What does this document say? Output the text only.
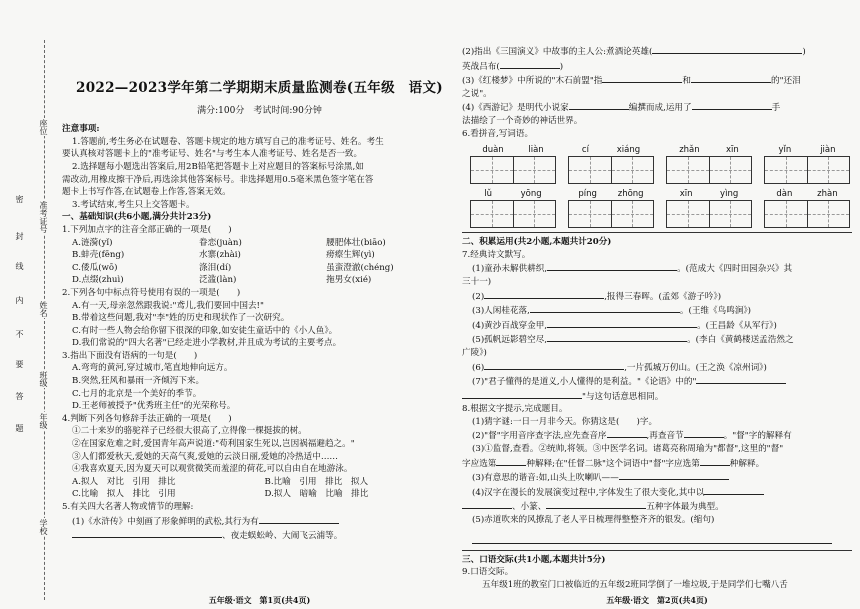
座位
准考证号
姓名
班级
年级
学校
密
封
线
内
不
要
答
题
2022—2023学年第二学期期末质量监测卷(五年级　语文)
满分:100分　考试时间:90分钟
注意事项:
1.答题前,考生务必在试题卷、答题卡规定的地方填写自己的准考证号、姓名。考生
要认真核对答题卡上的"准考证号、姓名"与考生本人准考证号、姓名是否一致。
2.选择题每小题选出答案后,用2B铅笔把答题卡上对应题目的答案标号涂黑,如
需改动,用橡皮擦干净后,再选涂其他答案标号。非选择题用0.5毫米黑色签字笔在答
题卡上书写作答,在试题卷上作答,答案无效。
3.考试结束,考生只上交答题卡。
一、基础知识(共6小题,满分共计23分)
1.下列加点字的注音全部正确的一项是(　　)
A.涟漪(yǐ)	眷恋(juàn)	腰肥体壮(biāo)
B.蚌壳(fēng)	水寨(zhài)	痨瘵生辉(yì)
C.倭瓜(wō)	涤泪(dí)	虽蛮澄澈(chéng)
D.点缀(zhuì)	泛滥(làn)	拖男女(xié)
2.下列各句中标点符号使用有误的一项是(　　)
A.有一天,母亲忽然跟我说:"鸢儿,我们要回中国去!"
B.带着这些问题,我对"李"姓的历史和现状作了一次研究。
C.有时一些人物会给你留下很深的印象,如安徒生童话中的《小人鱼》。
D.我们常说的"四大名著"已经走进小学教材,并且成为考试的主要考点。
3.指出下面没有语病的一句是(　　)
A.弯弯的黄河,穿过城市,笔直地伸向远方。
B.突然,狂风和暴雨一齐倾泻下来。
C.七月的北京是一个美好的季节。
D.王老师被授予"优秀班主任"的光荣称号。
4.判断下列各句修辞手法正确的一项是(　　)
①二十来岁的骆驼祥子已经很大很高了,立得像一棵挺拔的树。
②在国家危难之时,爱国青年高声说道:"苟利国家生死以,岂因祸福避趋之。"
③人们都爱秋天,爱她的天高气爽,爱她的云淡日丽,爱她的冷热适中……
④我喜欢夏天,因为夏天可以观赏微笑而羞涩的荷花,可以自由自在地游泳。
A.拟人　对比　引用　排比	B.比喻　引用　排比　拟人
C.比喻　拟人　排比　引用	D.拟人　暗喻　比喻　排比
5.有关四大名著人物或情节的理解:
(1)《水浒传》中刻画了形象鲜明的武松,其行为有
、夜走蜈蚣岭、大闹飞云浦等。
五年级·语文　第1页(共4页)
(2)指出《三国演义》中故事的主人公:煮酒论英雄(	)
英战吕布(	)
(3)《红楼梦》中所说的"木石前盟"指	和	的"还泪
之说"。
(4)《西游记》是明代小说家	编撰而成,运用了	手
法描绘了一个奇妙的神话世界。
6.看拼音,写词语。
duàn	liàn	cí	xiáng	zhǎn	xīn	yǐn	jiàn
lǔ	yōng	píng zhōng	xīn	yìng	dàn	zhàn
二、积累运用(共2小题,本题共计20分)
7.经典诗文默写。
(1)童孙未解供耕织,	。(范成大《四时田园杂兴》其
三十一)
(2)	,报得三春晖。(孟郊《游子吟》)
(3)人闲桂花落,	。(王维《鸟鸣涧》)
(4)黄沙百战穿金甲,	。(王昌龄《从军行》)
(5)孤帆远影碧空尽,	。(李白《黄鹤楼送孟浩然之
广陵》)
(6)	,一片孤城万仞山。(王之涣《凉州词》)
(7)"君子懂得的是道义,小人懂得的是利益。"《论语》中的"
"与这句话意思相同。
8.根据文字提示,完成题目。
(1)猜字谜:一日一月非今天。你猜这是(　　)字。
(2)"督"字用音序查字法,应先查音序	,再查音节	。"督"字的解释有
(3)①监督,查看。②统帅,将领。③中医学名词。诸葛亮称周瑜为"都督",这里的"督"
字应选第	种解释;在"任督二脉"这个词语中"督"字应选第	种解释。
(3)有意思的谐音:如,山头上吹喇叭——
(4)汉字在漫长的发展演变过程中,字体发生了很大变化,其中以
、小篆、	五种字体最为典型。
(5)赤道吹来的风撩乱了老人平日梳理得整整齐齐的银发。(缩句)
三、口语交际(共1小题,本题共计5分)
9.口语交际。
五年级1班的教室门口被临近的五年级2班同学倒了一堆垃圾,于是同学们七嘴八舌
五年级·语文　第2页(共4页)
